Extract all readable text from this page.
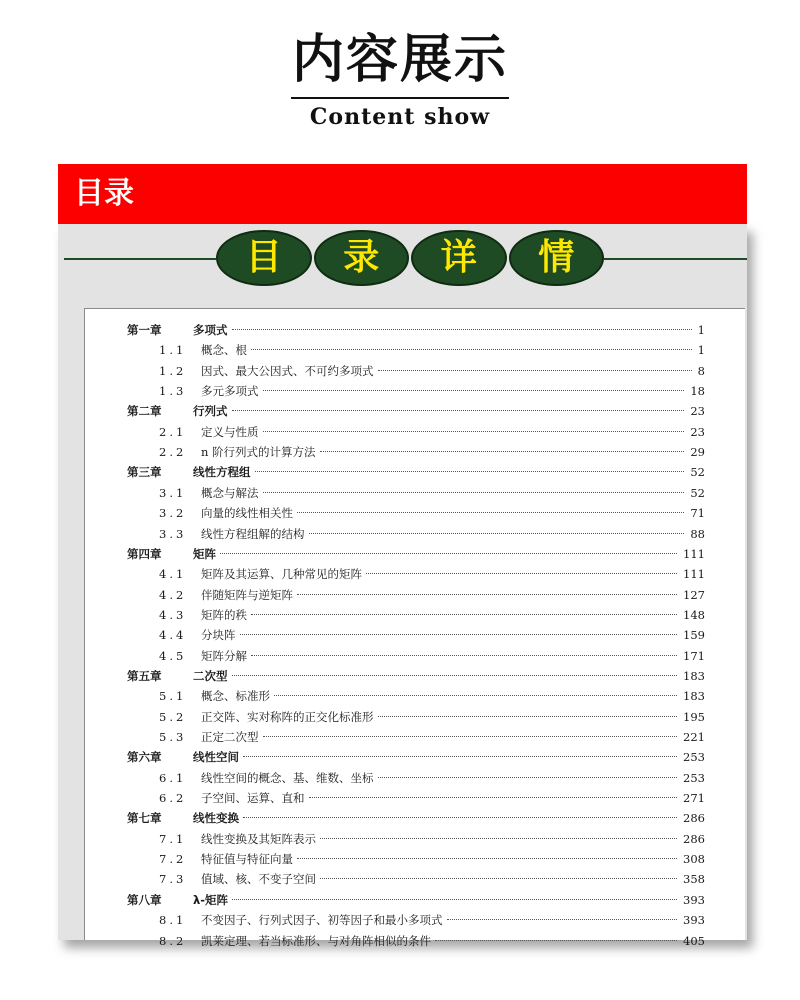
内容展示
Content show
目录
目 录 详 情
第一章	多项式	1
1.1 概念、根	1
1.2 因式、最大公因式、不可约多项式	8
1.3 多元多项式	18
第二章	行列式	23
2.1 定义与性质	23
2.2 n 阶行列式的计算方法	29
第三章	线性方程组	52
3.1 概念与解法	52
3.2 向量的线性相关性	71
3.3 线性方程组解的结构	88
第四章	矩阵	111
4.1 矩阵及其运算、几种常见的矩阵	111
4.2 伴随矩阵与逆矩阵	127
4.3 矩阵的秩	148
4.4 分块阵	159
4.5 矩阵分解	171
第五章	二次型	183
5.1 概念、标准形	183
5.2 正交阵、实对称阵的正交化标准形	195
5.3 正定二次型	221
第六章	线性空间	253
6.1 线性空间的概念、基、维数、坐标	253
6.2 子空间、运算、直和	271
第七章	线性变换	286
7.1 线性变换及其矩阵表示	286
7.2 特征值与特征向量	308
7.3 值域、核、不变子空间	358
第八章	λ-矩阵	393
8.1 不变因子、行列式因子、初等因子和最小多项式	393
8.2 凯莱定理、若当标准形、与对角阵相似的条件	405
